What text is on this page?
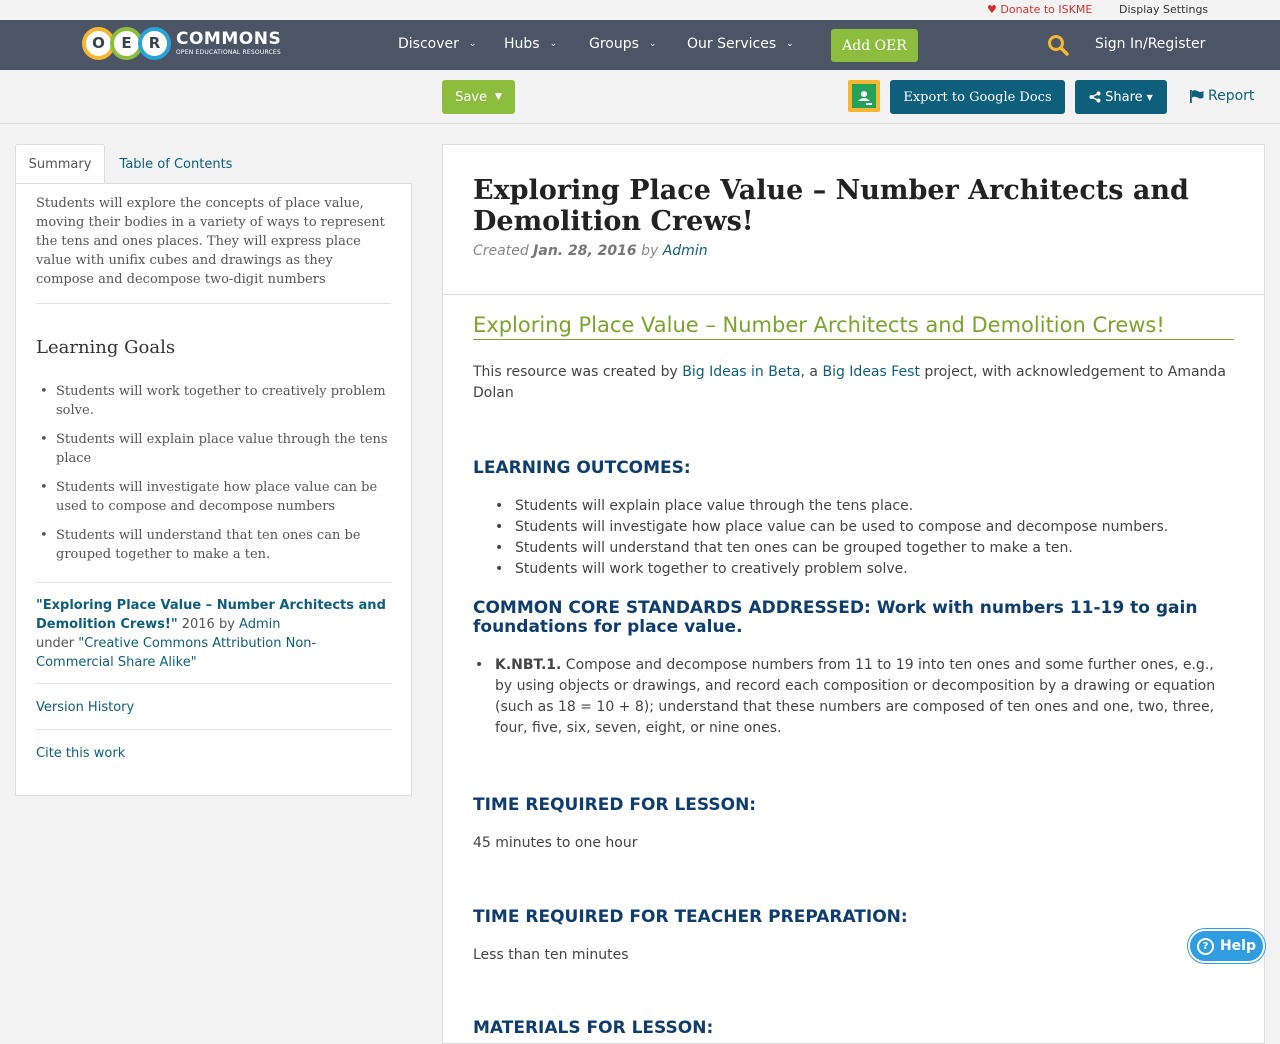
♥ Donate to ISKME Display Settings
O	E	R COMMONS
OPEN EDUCATIONAL RESOURCES	Discover ⌄ Hubs ⌄ Groups ⌄ Our Services ⌄	Add OER	Sign In/Register
Save ▼	Export to Google Docs	Share ▼	Report
Summary	Table of Contents

Students will explore the concepts of place value, moving their bodies in a variety of ways to represent the tens and ones places. They will express place value with unifix cubes and drawings as they compose and decompose two-digit numbers

Learning Goals
• Students will work together to creatively problem solve.
• Students will explain place value through the tens place
• Students will investigate how place value can be used to compose and decompose numbers
• Students will understand that ten ones can be grouped together to make a ten.
"Exploring Place Value – Number Architects and Demolition Crews!" 2016 by Admin
under "Creative Commons Attribution Non-Commercial Share Alike"
Version History
Cite this work
Exploring Place Value – Number Architects and Demolition Crews!
Created Jan. 28, 2016 by Admin
Exploring Place Value – Number Architects and Demolition Crews!

This resource was created by Big Ideas in Beta, a Big Ideas Fest project, with acknowledgement to Amanda Dolan

LEARNING OUTCOMES:
• Students will explain place value through the tens place.
• Students will investigate how place value can be used to compose and decompose numbers.
• Students will understand that ten ones can be grouped together to make a ten.
• Students will work together to creatively problem solve.
COMMON CORE STANDARDS ADDRESSED: Work with numbers 11-19 to gain foundations for place value.
• K.NBT.1. Compose and decompose numbers from 11 to 19 into ten ones and some further ones, e.g., by using objects or drawings, and record each composition or decomposition by a drawing or equation (such as 18 = 10 + 8); understand that these numbers are composed of ten ones and one, two, three, four, five, six, seven, eight, or nine ones.
TIME REQUIRED FOR LESSON:

45 minutes to one hour

TIME REQUIRED FOR TEACHER PREPARATION:

Less than ten minutes

MATERIALS FOR LESSON:
? Help
